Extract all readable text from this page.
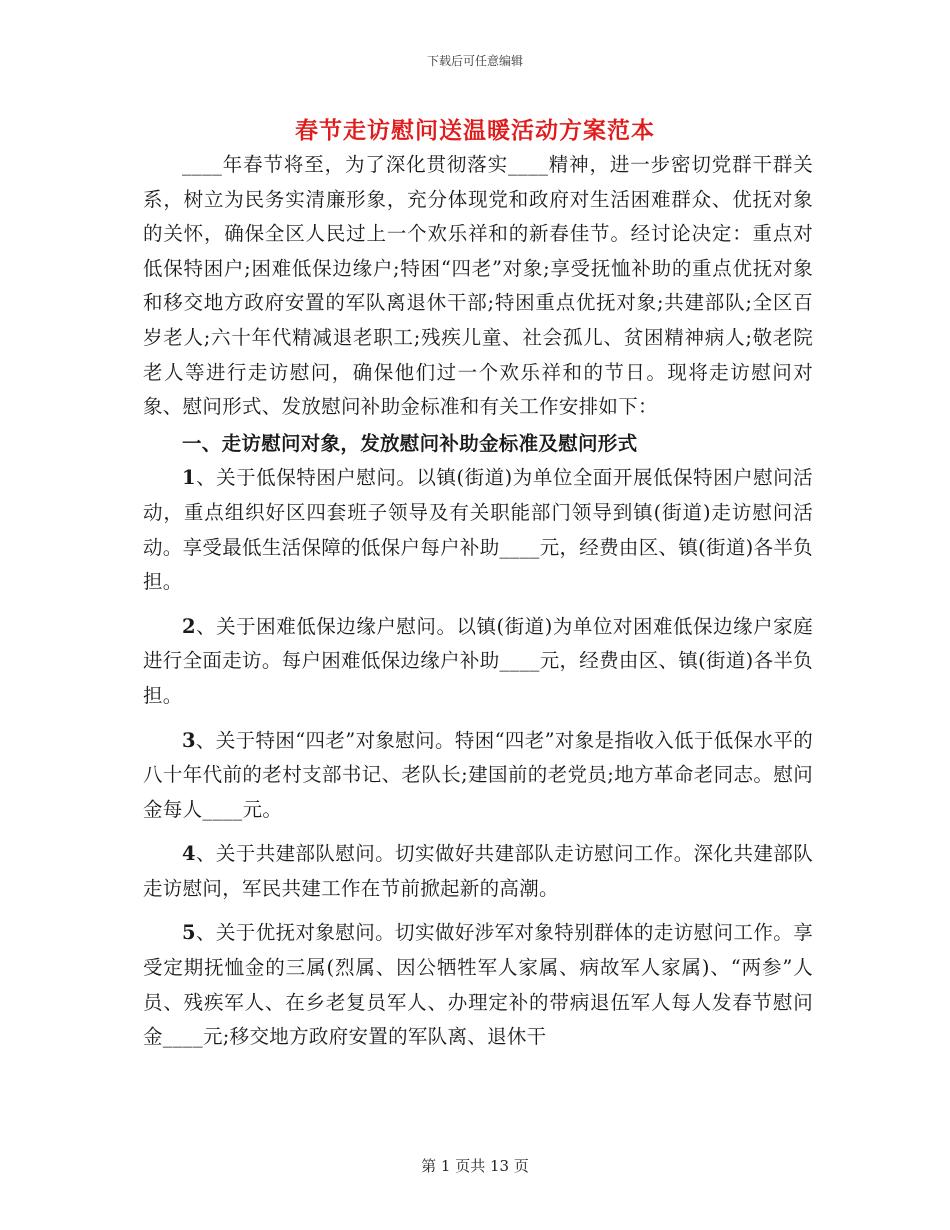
下载后可任意编辑
春节走访慰问送温暖活动方案范本

____年春节将至，为了深化贯彻落实____精神，进一步密切党群干群关系，树立为民务实清廉形象，充分体现党和政府对生活困难群众、优抚对象的关怀，确保全区人民过上一个欢乐祥和的新春佳节。经讨论决定：重点对低保特困户;困难低保边缘户;特困“四老”对象;享受抚恤补助的重点优抚对象和移交地方政府安置的军队离退休干部;特困重点优抚对象;共建部队;全区百岁老人;六十年代精减退老职工;残疾儿童、社会孤儿、贫困精神病人;敬老院老人等进行走访慰问，确保他们过一个欢乐祥和的节日。现将走访慰问对象、慰问形式、发放慰问补助金标准和有关工作安排如下：

一、走访慰问对象，发放慰问补助金标准及慰问形式

1、关于低保特困户慰问。以镇(街道)为单位全面开展低保特困户慰问活动，重点组织好区四套班子领导及有关职能部门领导到镇(街道)走访慰问活动。享受最低生活保障的低保户每户补助____元，经费由区、镇(街道)各半负担。

2、关于困难低保边缘户慰问。以镇(街道)为单位对困难低保边缘户家庭进行全面走访。每户困难低保边缘户补助____元，经费由区、镇(街道)各半负担。

3、关于特困“四老”对象慰问。特困“四老”对象是指收入低于低保水平的八十年代前的老村支部书记、老队长;建国前的老党员;地方革命老同志。慰问金每人____元。

4、关于共建部队慰问。切实做好共建部队走访慰问工作。深化共建部队走访慰问，军民共建工作在节前掀起新的高潮。

5、关于优抚对象慰问。切实做好涉军对象特别群体的走访慰问工作。享受定期抚恤金的三属(烈属、因公牺牲军人家属、病故军人家属)、“两参”人员、残疾军人、在乡老复员军人、办理定补的带病退伍军人每人发春节慰问金____元;移交地方政府安置的军队离、退休干

第 1 页共 13 页
